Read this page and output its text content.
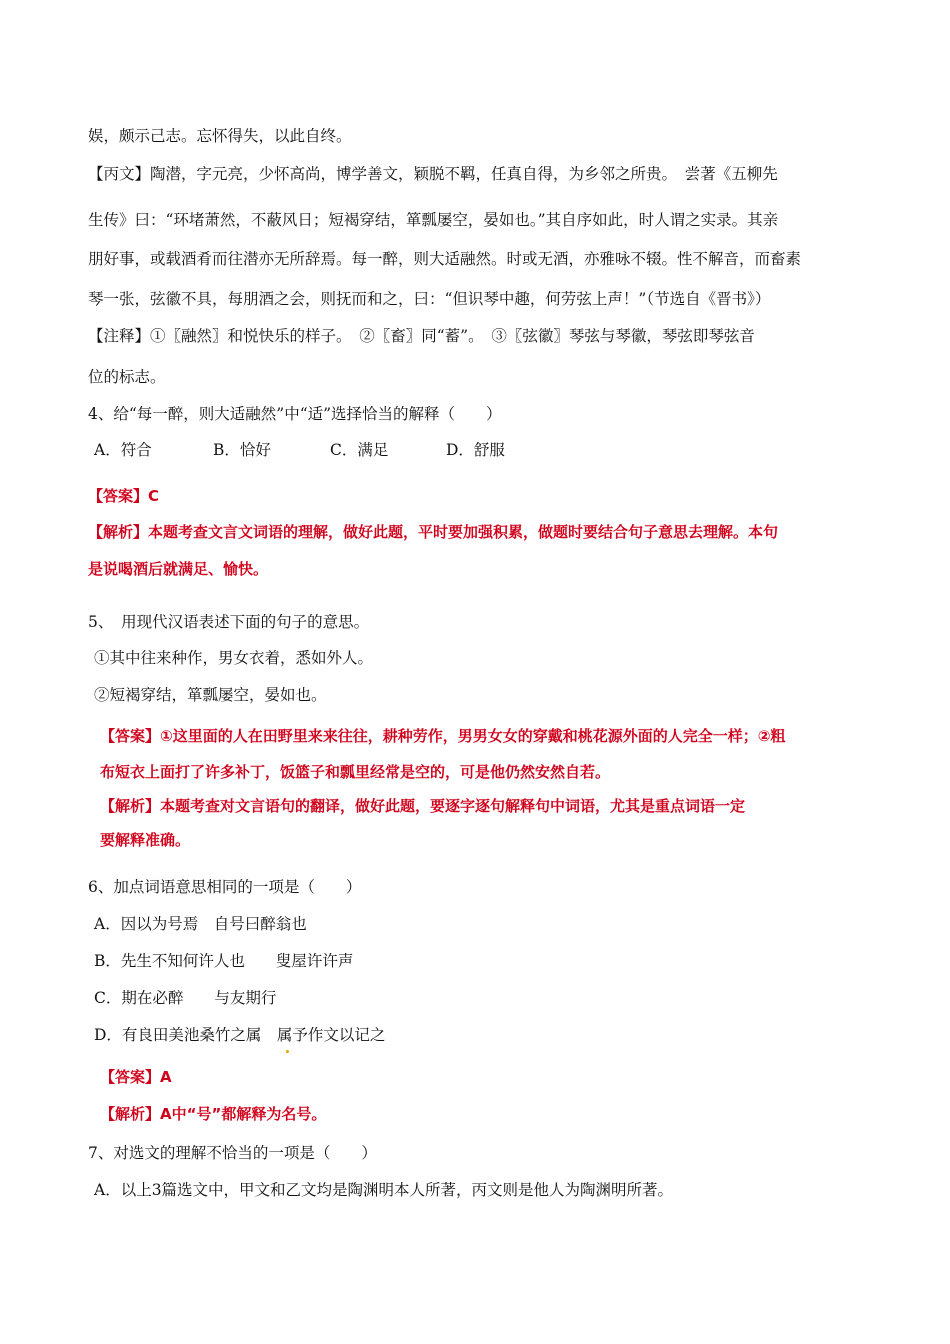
娱，颇示己志。忘怀得失，以此自终。
【丙文】陶潜，字元亮，少怀高尚，博学善文，颖脱不羁，任真自得，为乡邻之所贵。　尝著《五柳先
生传》曰：“环堵萧然，不蔽风日；短褐穿结，箪瓢屡空，晏如也。”其自序如此，时人谓之实录。其亲
朋好事，或载酒肴而往潜亦无所辞焉。每一醉，则大适融然。时或无酒，亦雅咏不辍。性不解音，而畜素
琴一张，弦徽不具，每朋酒之会，则抚而和之，曰：“但识琴中趣，何劳弦上声！”（节选自《晋书》）
【注释】①〖融然〗和悦快乐的样子。　②〖畜〗同“蓄”。　③〖弦徽〗琴弦与琴徽，琴弦即琴弦音
位的标志。
4、给“每一醉，则大适融然”中“适”选择恰当的解释（　　）
A．符合	B．恰好	C．满足	D．舒服
【答案】C
【解析】本题考查文言文词语的理解，做好此题，平时要加强积累，做题时要结合句子意思去理解。本句
是说喝酒后就满足、愉快。
5、　用现代汉语表述下面的句子的意思。
①其中往来种作，男女衣着，悉如外人。
②短褐穿结，箪瓢屡空，晏如也。
【答案】①这里面的人在田野里来来往往，耕种劳作，男男女女的穿戴和桃花源外面的人完全一样；②粗
布短衣上面打了许多补丁，饭篮子和瓢里经常是空的，可是他仍然安然自若。
【解析】本题考查对文言语句的翻译，做好此题，要逐字逐句解释句中词语，尤其是重点词语一定
要解释准确。
6、加点词语意思相同的一项是（　　）
A．因以为号焉　自号曰醉翁也
B．先生不知何许人也　　叟屋许许声
C．期在必醉　　与友期行
D．有良田美池桑竹之属　属予作文以记之
【答案】A
【解析】A中“号”都解释为名号。
7、对选文的理解不恰当的一项是（　　）
A．以上3篇选文中，甲文和乙文均是陶渊明本人所著，丙文则是他人为陶渊明所著。
